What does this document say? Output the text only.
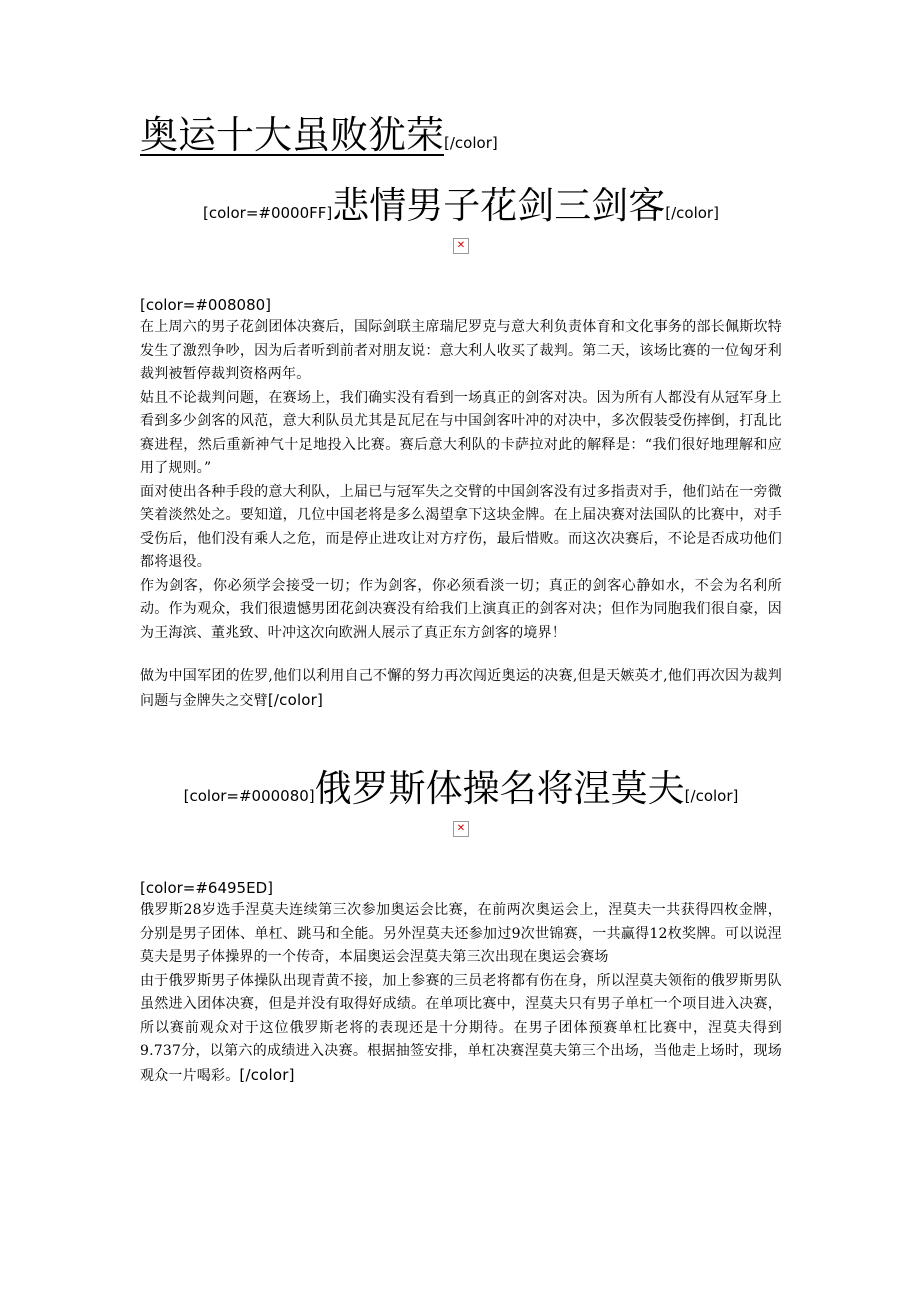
奥运十大虽败犹荣[/color]

[color=#0000FF]悲情男子花剑三剑客[/color]
✕

[color=#008080]

在上周六的男子花剑团体决赛后，国际剑联主席瑞尼罗克与意大利负责体育和文化事务的部长佩斯坎特发生了激烈争吵，因为后者听到前者对朋友说：意大利人收买了裁判。第二天，该场比赛的一位匈牙利裁判被暂停裁判资格两年。

姑且不论裁判问题，在赛场上，我们确实没有看到一场真正的剑客对决。因为所有人都没有从冠军身上看到多少剑客的风范，意大利队员尤其是瓦尼在与中国剑客叶冲的对决中，多次假装受伤摔倒，打乱比赛进程，然后重新神气十足地投入比赛。赛后意大利队的卡萨拉对此的解释是：“我们很好地理解和应用了规则。”

面对使出各种手段的意大利队，上届已与冠军失之交臂的中国剑客没有过多指责对手，他们站在一旁微笑着淡然处之。要知道，几位中国老将是多么渴望拿下这块金牌。在上届决赛对法国队的比赛中，对手受伤后，他们没有乘人之危，而是停止进攻让对方疗伤，最后惜败。而这次决赛后，不论是否成功他们都将退役。

作为剑客，你必须学会接受一切；作为剑客，你必须看淡一切；真正的剑客心静如水，不会为名利所动。作为观众，我们很遗憾男团花剑决赛没有给我们上演真正的剑客对决；但作为同胞我们很自豪，因为王海滨、董兆致、叶冲这次向欧洲人展示了真正东方剑客的境界！

做为中国军团的佐罗,他们以利用自己不懈的努力再次闯近奥运的决赛,但是天嫉英才,他们再次因为裁判问题与金牌失之交臂[/color]

[color=#000080]俄罗斯体操名将涅莫夫[/color]
✕

[color=#6495ED]

俄罗斯28岁选手涅莫夫连续第三次参加奥运会比赛，在前两次奥运会上，涅莫夫一共获得四枚金牌，分别是男子团体、单杠、跳马和全能。另外涅莫夫还参加过9次世锦赛，一共赢得12枚奖牌。可以说涅莫夫是男子体操界的一个传奇，本届奥运会涅莫夫第三次出现在奥运会赛场

由于俄罗斯男子体操队出现青黄不接，加上参赛的三员老将都有伤在身，所以涅莫夫领衔的俄罗斯男队虽然进入团体决赛，但是并没有取得好成绩。在单项比赛中，涅莫夫只有男子单杠一个项目进入决赛，所以赛前观众对于这位俄罗斯老将的表现还是十分期待。在男子团体预赛单杠比赛中，涅莫夫得到9.737分，以第六的成绩进入决赛。根据抽签安排，单杠决赛涅莫夫第三个出场，当他走上场时，现场观众一片喝彩。[/color]
